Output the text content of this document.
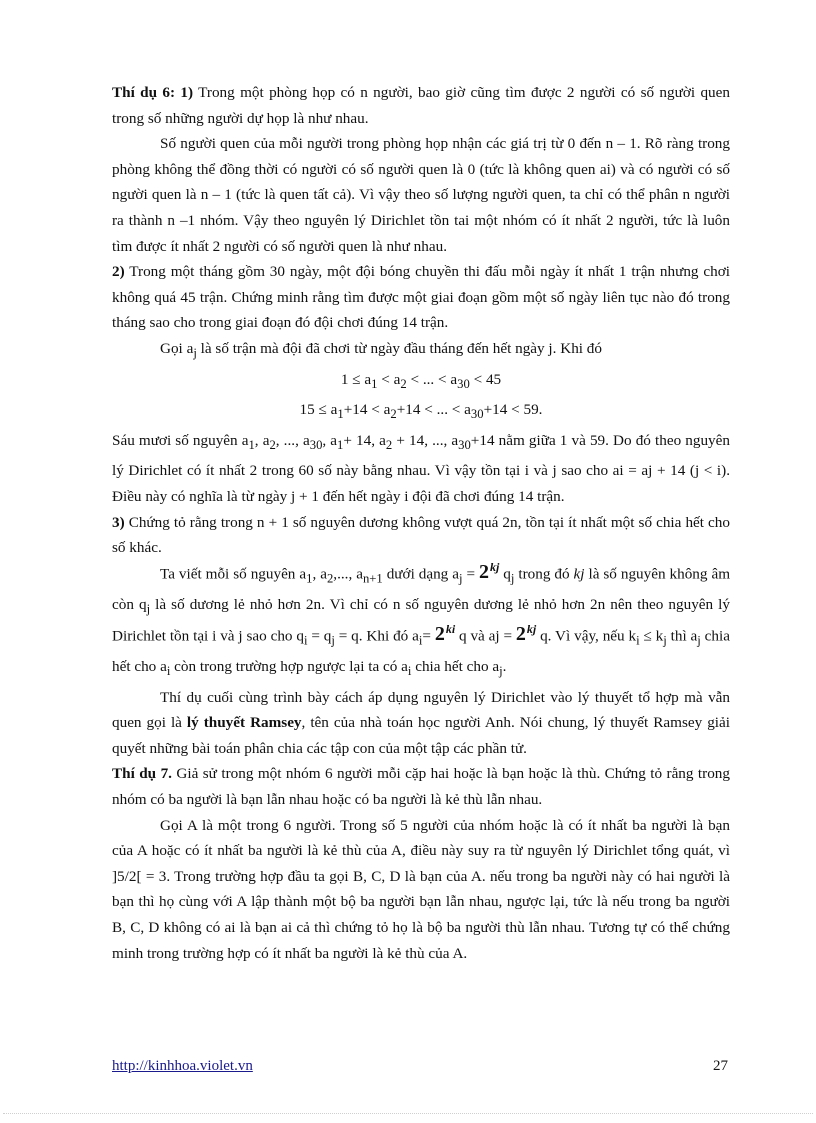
Thí dụ 6: 1) Trong một phòng họp có n người, bao giờ cũng tìm được 2 người có số người quen trong số những người dự họp là như nhau.

Số người quen của mỗi người trong phòng họp nhận các giá trị từ 0 đến n – 1. Rõ ràng trong phòng không thể đồng thời có người có số người quen là 0 (tức là không quen ai) và có người có số người quen là n – 1 (tức là quen tất cả). Vì vậy theo số lượng người quen, ta chỉ có thể phân n người ra thành n –1 nhóm. Vậy theo nguyên lý Dirichlet tồn tai một nhóm có ít nhất 2 người, tức là luôn tìm được ít nhất 2 người có số người quen là như nhau.

2) Trong một tháng gồm 30 ngày, một đội bóng chuyền thi đấu mỗi ngày ít nhất 1 trận nhưng chơi không quá 45 trận. Chứng minh rằng tìm được một giai đoạn gồm một số ngày liên tục nào đó trong tháng sao cho trong giai đoạn đó đội chơi đúng 14 trận.

Gọi $a_j$ là số trận mà đội đã chơi từ ngày đầu tháng đến hết ngày j. Khi đó

$1 \le a_1 < a_2$ < ... < $a_{30} < 45$

$15 \le a_1+14 < a_2+14$ < ... < $a_{30}+14 < 59$.

Sáu mươi số nguyên $a_1$, $a_2$, ..., $a_{30}$, $a_1+ 14$, $a_2 + 14$, ..., $a_{30}+14$ nằm giữa 1 và 59. Do đó theo nguyên lý Dirichlet có ít nhất 2 trong 60 số này bằng nhau. Vì vậy tồn tại i và j sao cho ai = aj + 14 (j < i). Điều này có nghĩa là từ ngày j + 1 đến hết ngày i đội đã chơi đúng 14 trận.

3) Chứng tỏ rằng trong n + 1 số nguyên dương không vượt quá 2n, tồn tại ít nhất một số chia hết cho số khác.

Ta viết mỗi số nguyên $a_1$, $a_2$,..., $a_{n+1}$ dưới dạng $a_j = 2^{kj}$ $q_j$ trong đó kj là số nguyên không âm còn $q_j$ là số dương lẻ nhỏ hơn 2n. Vì chỉ có n số nguyên dương lẻ nhỏ hơn 2n nên theo nguyên lý Dirichlet tồn tại i và j sao cho $q_i = q_j = q$. Khi đó $a_i= 2^{ki}$ q và aj = $2^{kj}$ q. Vì vậy, nếu $k_i \le k_j$ thì $a_j$ chia hết cho $a_i$ còn trong trường hợp ngược lại ta có $a_i$ chia hết cho $a_j$.

Thí dụ cuối cùng trình bày cách áp dụng nguyên lý Dirichlet vào lý thuyết tổ hợp mà vẫn quen gọi là lý thuyết Ramsey, tên của nhà toán học người Anh. Nói chung, lý thuyết Ramsey giải quyết những bài toán phân chia các tập con của một tập các phần tử.

Thí dụ 7. Giả sử trong một nhóm 6 người mỗi cặp hai hoặc là bạn hoặc là thù. Chứng tỏ rằng trong nhóm có ba người là bạn lẫn nhau hoặc có ba người là kẻ thù lẫn nhau.

Gọi A là một trong 6 người. Trong số 5 người của nhóm hoặc là có ít nhất ba người là bạn của A hoặc có ít nhất ba người là kẻ thù của A, điều này suy ra từ nguyên lý Dirichlet tổng quát, vì ]5/2[ = 3. Trong trường hợp đầu ta gọi B, C, D là bạn của A. nếu trong ba người này có hai người là bạn thì họ cùng với A lập thành một bộ ba người bạn lẫn nhau, ngược lại, tức là nếu trong ba người B, C, D không có ai là bạn ai cả thì chứng tỏ họ là bộ ba người thù lẫn nhau. Tương tự có thể chứng minh trong trường hợp có ít nhất ba người là kẻ thù của A.

http://kinhhoa.violet.vn	27
